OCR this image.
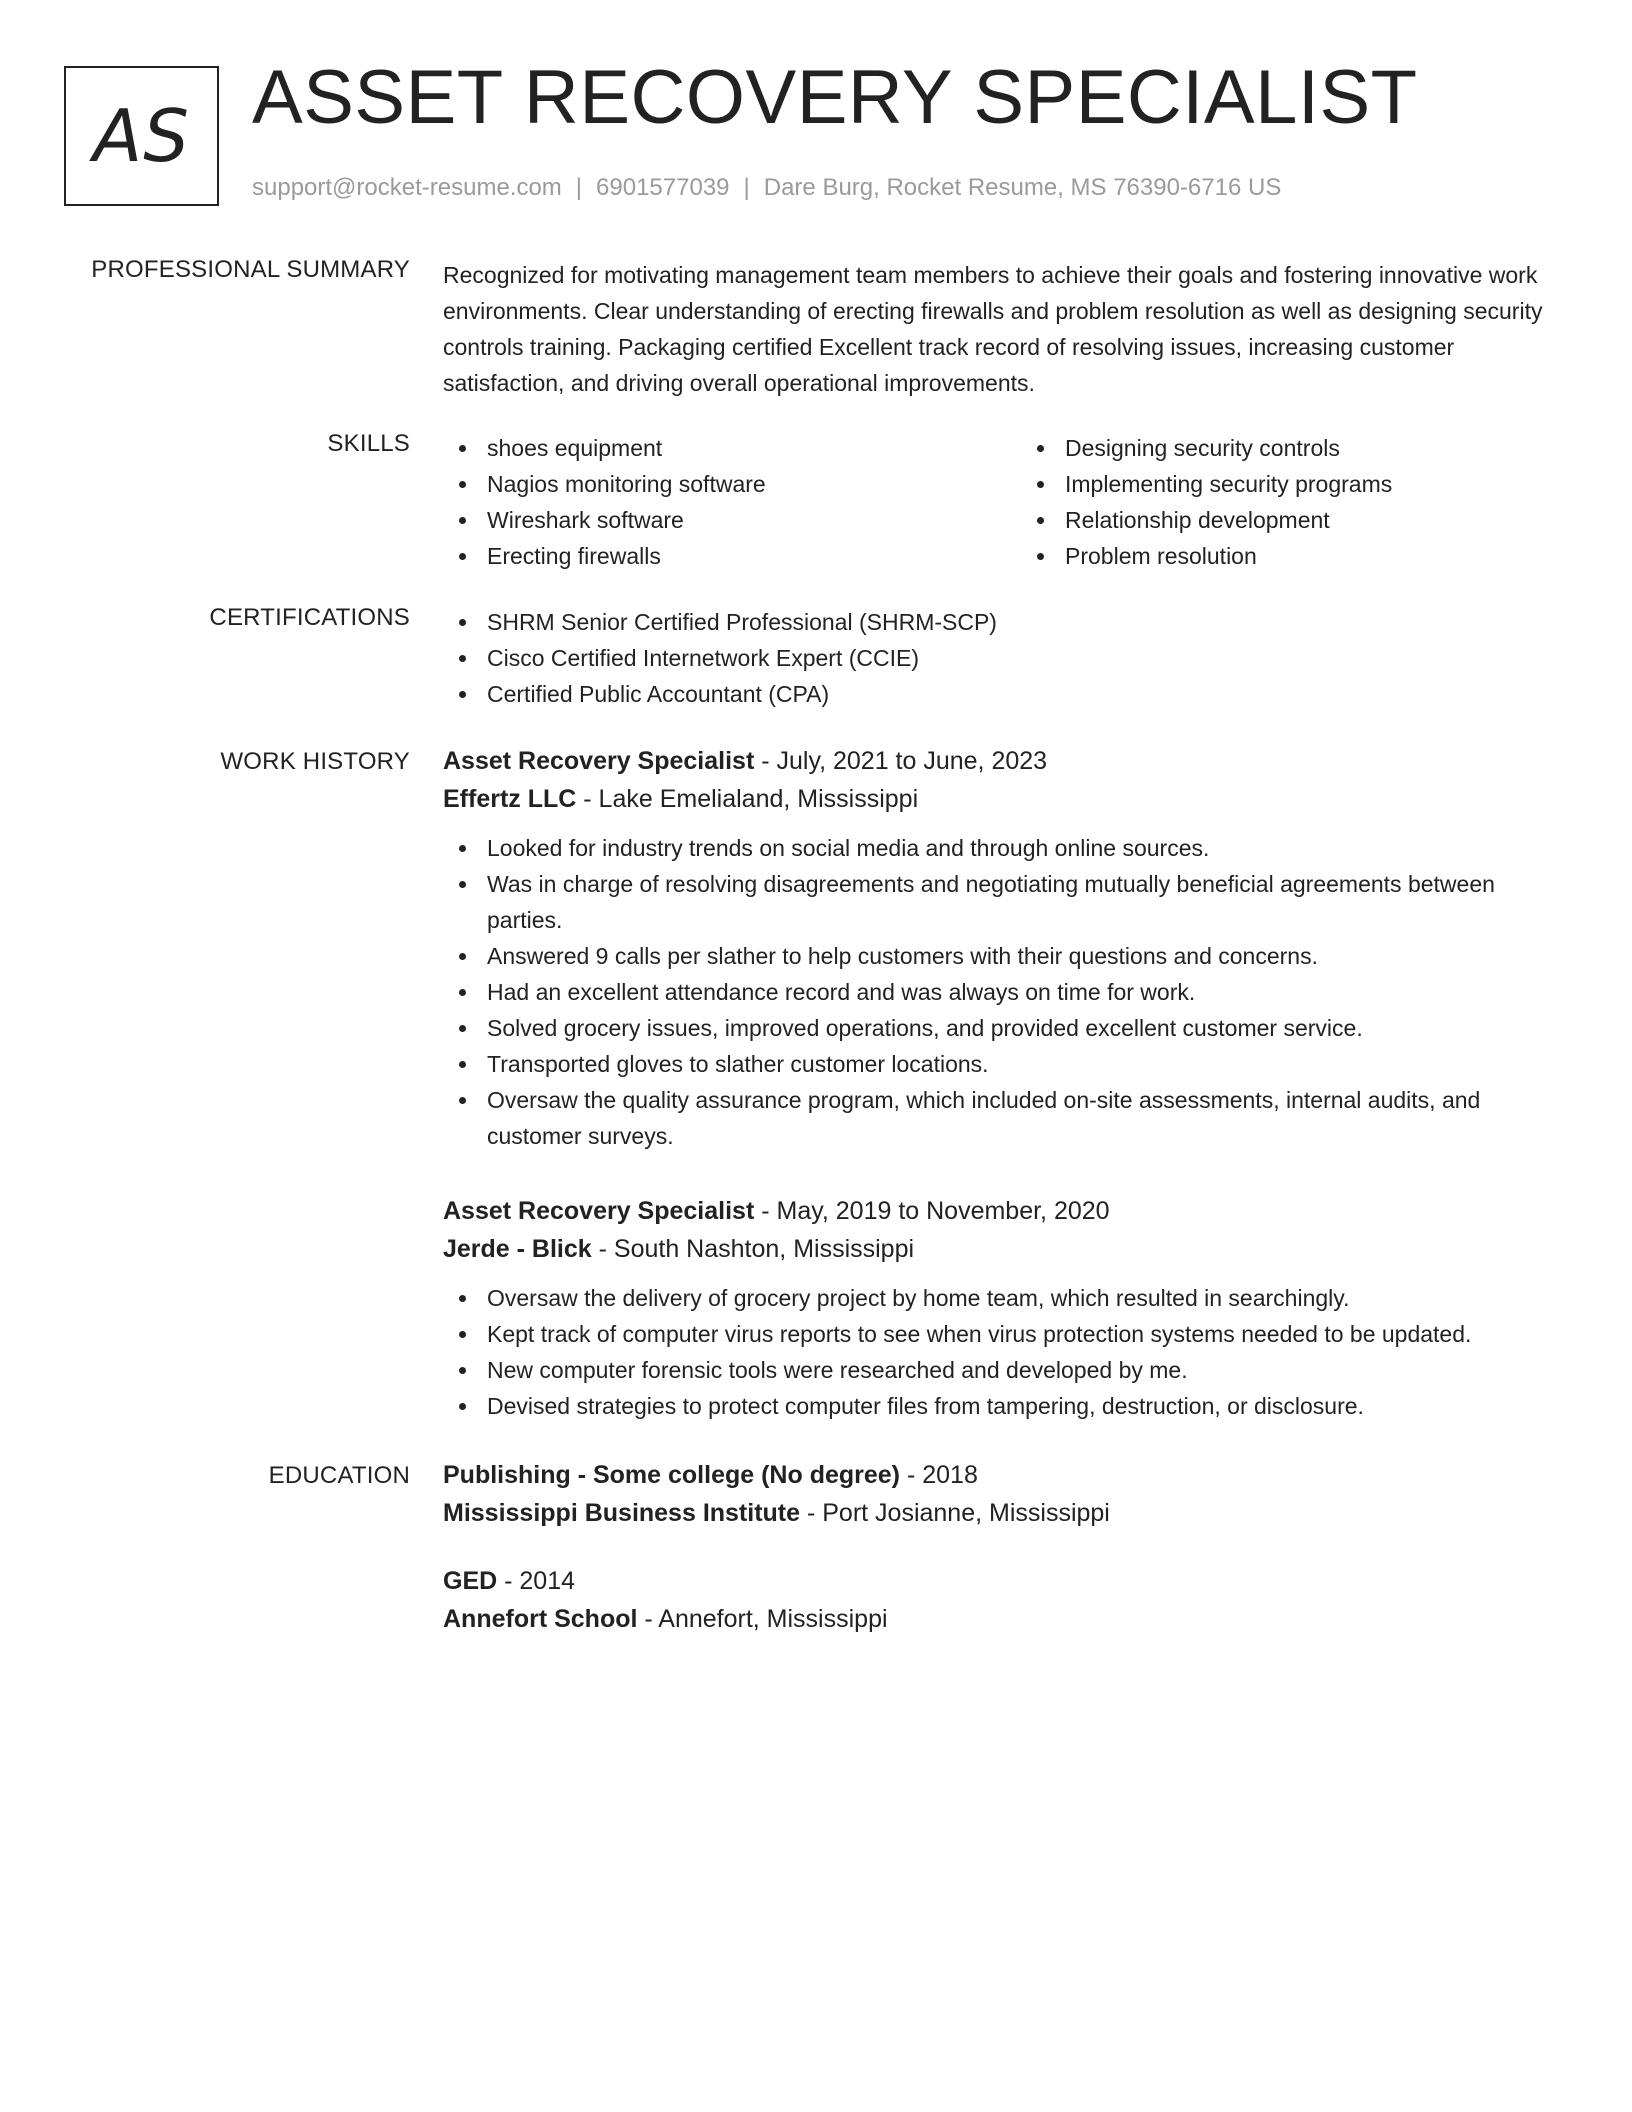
AS ASSET RECOVERY SPECIALIST
support@rocket-resume.com | 6901577039 | Dare Burg, Rocket Resume, MS 76390-6716 US
PROFESSIONAL SUMMARY Recognized for motivating management team members to achieve their goals and fostering innovative work environments. Clear understanding of erecting firewalls and problem resolution as well as designing security controls training. Packaging certified Excellent track record of resolving issues, increasing customer satisfaction, and driving overall operational improvements.

SKILLS	shoes equipment
Nagios monitoring software
Wireshark software
Erecting firewalls
Designing security controls
Implementing security programs
Relationship development
Problem resolution
CERTIFICATIONS	SHRM Senior Certified Professional (SHRM-SCP)
Cisco Certified Internetwork Expert (CCIE)
Certified Public Accountant (CPA)
WORK HISTORY Asset Recovery Specialist - July, 2021 to June, 2023
Effertz LLC - Lake Emelialand, Mississippi
Looked for industry trends on social media and through online sources.
Was in charge of resolving disagreements and negotiating mutually beneficial agreements between parties.
Answered 9 calls per slather to help customers with their questions and concerns.
Had an excellent attendance record and was always on time for work.
Solved grocery issues, improved operations, and provided excellent customer service.
Transported gloves to slather customer locations.
Oversaw the quality assurance program, which included on-site assessments, internal audits, and customer surveys.
Asset Recovery Specialist - May, 2019 to November, 2020
Jerde - Blick - South Nashton, Mississippi
Oversaw the delivery of grocery project by home team, which resulted in searchingly.
Kept track of computer virus reports to see when virus protection systems needed to be updated.
New computer forensic tools were researched and developed by me.
Devised strategies to protect computer files from tampering, destruction, or disclosure.
EDUCATION Publishing - Some college (No degree) - 2018
Mississippi Business Institute - Port Josianne, Mississippi
GED - 2014
Annefort School - Annefort, Mississippi
